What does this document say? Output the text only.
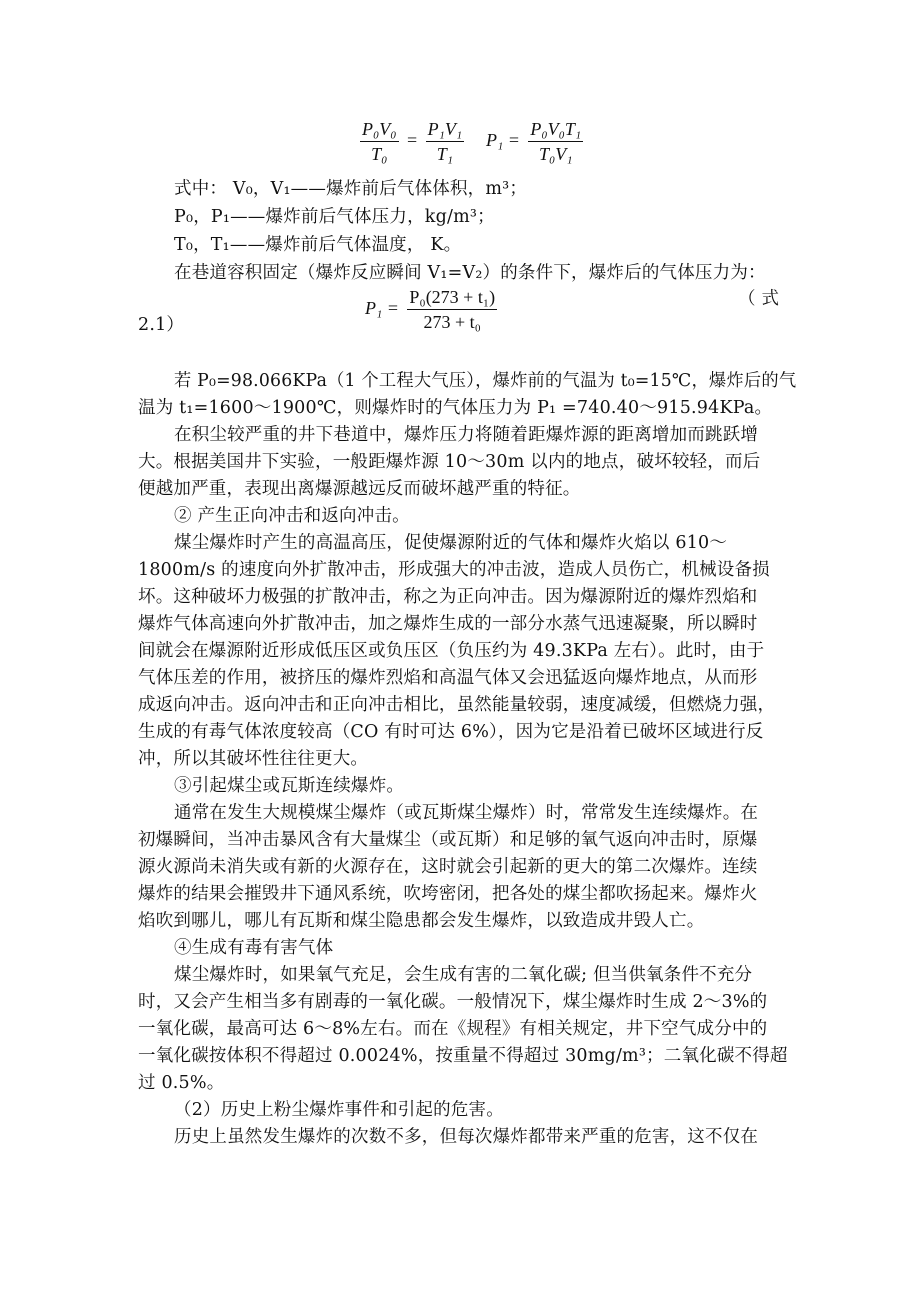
$\frac{\text{P₀V₀}}{\text{T₀}} = \frac{\text{P₁V₁}}{\text{T₁}} P_1 = \frac{\text{P₀V₀T₁}}{\text{T₀V₁}}$
式中： V₀，V₁——爆炸前后气体体积，m³；
P₀，P₁——爆炸前后气体压力，kg/m³；
T₀，T₁——爆炸前后气体温度， K。
在巷道容积固定（爆炸反应瞬间 V₁=V₂）的条件下，爆炸后的气体压力为：
$P_1 = \frac{\text{P₀(273 + t₁)}}{\text{273 + t₀}}$	（ 式
2.1）
若 P₀=98.066KPa（1 个工程大气压），爆炸前的气温为 t₀=15℃，爆炸后的气
温为 t₁=1600～1900℃，则爆炸时的气体压力为 P₁ =740.40～915.94KPa。
在积尘较严重的井下巷道中，爆炸压力将随着距爆炸源的距离增加而跳跃增
大。根据美国井下实验，一般距爆炸源 10～30m 以内的地点，破坏较轻，而后
便越加严重，表现出离爆源越远反而破坏越严重的特征。
② 产生正向冲击和返向冲击。
煤尘爆炸时产生的高温高压，促使爆源附近的气体和爆炸火焰以 610～
1800m/s 的速度向外扩散冲击，形成强大的冲击波，造成人员伤亡，机械设备损
坏。这种破坏力极强的扩散冲击，称之为正向冲击。因为爆源附近的爆炸烈焰和
爆炸气体高速向外扩散冲击，加之爆炸生成的一部分水蒸气迅速凝聚，所以瞬时
间就会在爆源附近形成低压区或负压区（负压约为 49.3KPa 左右）。此时，由于
气体压差的作用，被挤压的爆炸烈焰和高温气体又会迅猛返向爆炸地点，从而形
成返向冲击。返向冲击和正向冲击相比，虽然能量较弱，速度减缓，但燃烧力强，
生成的有毒气体浓度较高（CO 有时可达 6%），因为它是沿着已破坏区域进行反
冲，所以其破坏性往往更大。
③引起煤尘或瓦斯连续爆炸。
通常在发生大规模煤尘爆炸（或瓦斯煤尘爆炸）时，常常发生连续爆炸。在
初爆瞬间，当冲击暴风含有大量煤尘（或瓦斯）和足够的氧气返向冲击时，原爆
源火源尚未消失或有新的火源存在，这时就会引起新的更大的第二次爆炸。连续
爆炸的结果会摧毁井下通风系统，吹垮密闭，把各处的煤尘都吹扬起来。爆炸火
焰吹到哪儿，哪儿有瓦斯和煤尘隐患都会发生爆炸，以致造成井毁人亡。
④生成有毒有害气体
煤尘爆炸时，如果氧气充足，会生成有害的二氧化碳; 但当供氧条件不充分
时，又会产生相当多有剧毒的一氧化碳。一般情况下，煤尘爆炸时生成 2～3%的
一氧化碳，最高可达 6～8%左右。而在《规程》有相关规定，井下空气成分中的
一氧化碳按体积不得超过 0.0024%，按重量不得超过 30mg/m³；二氧化碳不得超
过 0.5%。
（2）历史上粉尘爆炸事件和引起的危害。
历史上虽然发生爆炸的次数不多，但每次爆炸都带来严重的危害，这不仅在
